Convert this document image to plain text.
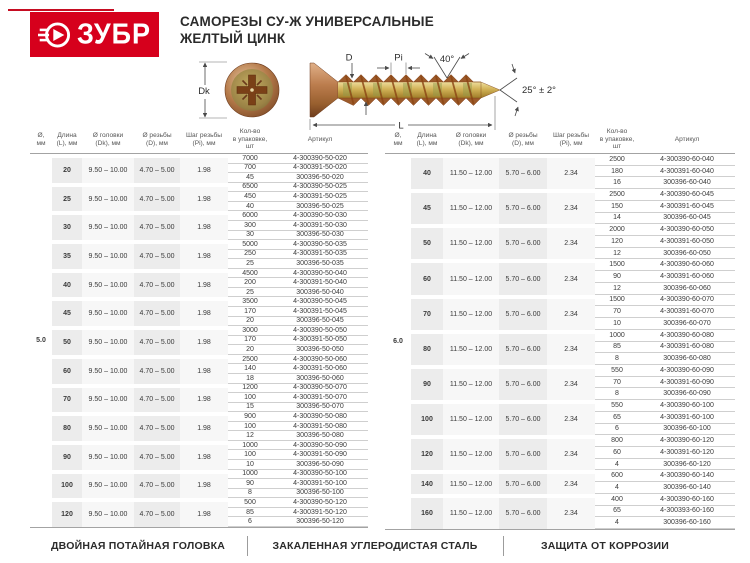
ЗУБР САМОРЕЗЫ СУ-Ж УНИВЕРСАЛЬНЫЕ
ЖЕЛТЫЙ ЦИНК
Dk
D	Pi	40°
25° ± 2°
L
Ø,
мм

Длина
(L), мм

Ø головки
(Dk), мм

Ø резьбы
(D), мм

Шаг резьбы
(Pi), мм

Кол-во
в упаковке, шт

Артикул

5.0	20	9.50 – 10.00	4.70 – 5.00	1.98	7000	4-300390-50-020
					700	4-300391-50-020
					45	300396-50-020
	25	9.50 – 10.00	4.70 – 5.00	1.98	6500	4-300390-50-025
					450	4-300391-50-025
					40	300396-50-025
	30	9.50 – 10.00	4.70 – 5.00	1.98	6000	4-300390-50-030
					300	4-300391-50-030
					30	300396-50-030
	35	9.50 – 10.00	4.70 – 5.00	1.98	5000	4-300390-50-035
					250	4-300391-50-035
					25	300396-50-035
	40	9.50 – 10.00	4.70 – 5.00	1.98	4500	4-300390-50-040
					200	4-300391-50-040
					25	300396-50-040
	45	9.50 – 10.00	4.70 – 5.00	1.98	3500	4-300390-50-045
					170	4-300391-50-045
					20	300396-50-045
	50	9.50 – 10.00	4.70 – 5.00	1.98	3000	4-300390-50-050
					170	4-300391-50-050
					20	300396-50-050
	60	9.50 – 10.00	4.70 – 5.00	1.98	2500	4-300390-50-060
					140	4-300391-50-060
					18	300396-50-060
	70	9.50 – 10.00	4.70 – 5.00	1.98	1200	4-300390-50-070
					100	4-300391-50-070
					15	300396-50-070
	80	9.50 – 10.00	4.70 – 5.00	1.98	900	4-300390-50-080
					100	4-300391-50-080
					12	300396-50-080
	90	9.50 – 10.00	4.70 – 5.00	1.98	1000	4-300390-50-090
					100	4-300391-50-090
					10	300396-50-090
	100	9.50 – 10.00	4.70 – 5.00	1.98	1000	4-300390-50-100
					90	4-300391-50-100
					8	300396-50-100
	120	9.50 – 10.00	4.70 – 5.00	1.98	500	4-300390-50-120
					85	4-300391-50-120
					6	300396-50-120
Ø,
мм

Длина
(L), мм

Ø головки
(Dk), мм

Ø резьбы
(D), мм

Шаг резьбы
(Pi), мм

Кол-во
в упаковке, шт

Артикул

6.0	40	11.50 – 12.00	5.70 – 6.00	2.34	2500	4-300390-60-040
					180	4-300391-60-040
					16	300396-60-040
	45	11.50 – 12.00	5.70 – 6.00	2.34	2500	4-300390-60-045
					150	4-300391-60-045
					14	300396-60-045
	50	11.50 – 12.00	5.70 – 6.00	2.34	2000	4-300390-60-050
					120	4-300391-60-050
					12	300396-60-050
	60	11.50 – 12.00	5.70 – 6.00	2.34	1500	4-300390-60-060
					90	4-300391-60-060
					12	300396-60-060
	70	11.50 – 12.00	5.70 – 6.00	2.34	1500	4-300390-60-070
					70	4-300391-60-070
					10	300396-60-070
	80	11.50 – 12.00	5.70 – 6.00	2.34	1000	4-300390-60-080
					85	4-300391-60-080
					8	300396-60-080
	90	11.50 – 12.00	5.70 – 6.00	2.34	550	4-300390-60-090
					70	4-300391-60-090
					8	300396-60-090
	100	11.50 – 12.00	5.70 – 6.00	2.34	550	4-300390-60-100
					65	4-300391-60-100
					6	300396-60-100
	120	11.50 – 12.00	5.70 – 6.00	2.34	800	4-300390-60-120
					60	4-300391-60-120
					4	300396-60-120
	140	11.50 – 12.00	5.70 – 6.00	2.34	600	4-300390-60-140
					4	300396-60-140
	160	11.50 – 12.00	5.70 – 6.00	2.34	400	4-300390-60-160
					65	4-300393-60-160
					4	300396-60-160
ДВОЙНАЯ ПОТАЙНАЯ ГОЛОВКА	ЗАКАЛЕННАЯ УГЛЕРОДИСТАЯ СТАЛЬ	ЗАЩИТА ОТ КОРРОЗИИ
